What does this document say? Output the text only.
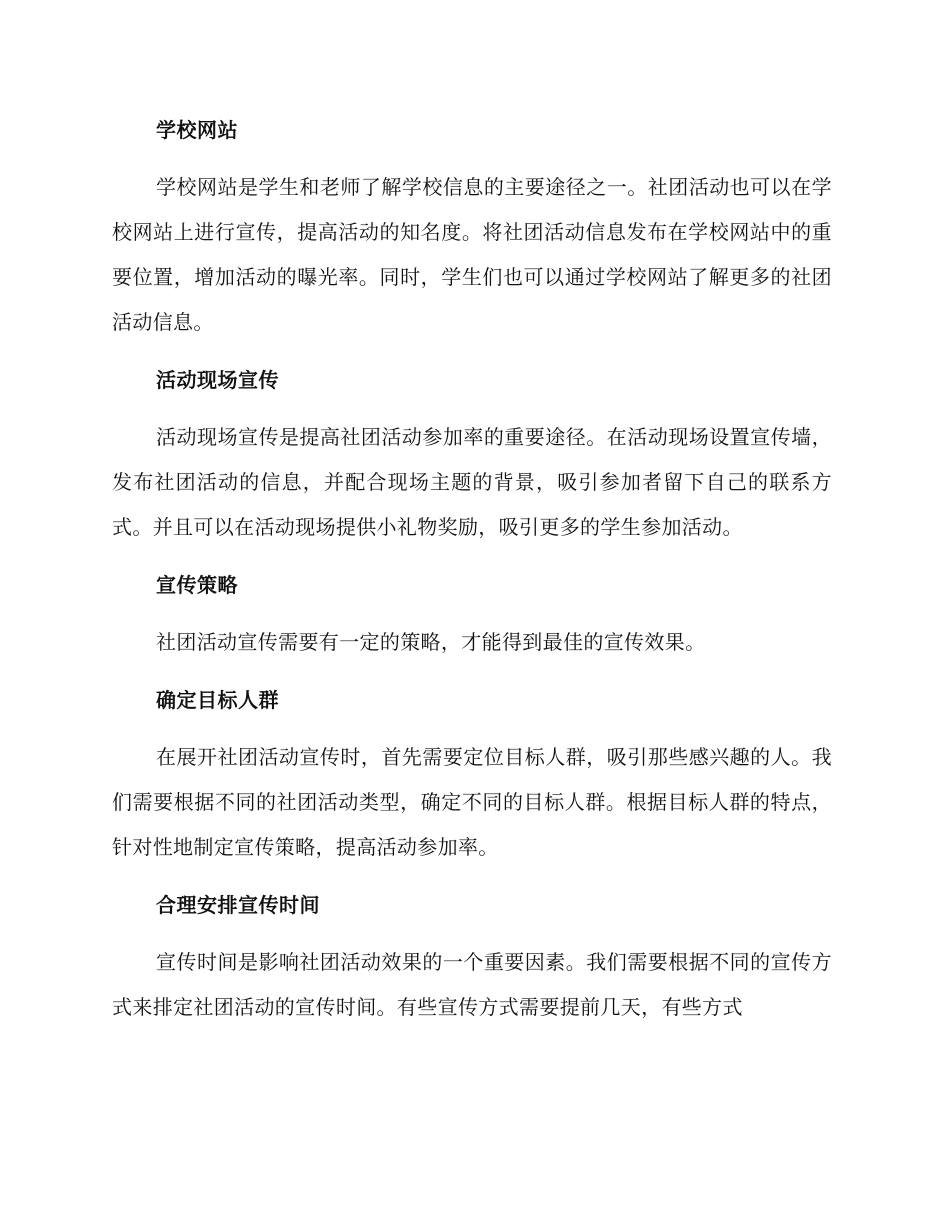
学校网站

学校网站是学生和老师了解学校信息的主要途径之一。社团活动也可以在学校网站上进行宣传，提高活动的知名度。将社团活动信息发布在学校网站中的重要位置，增加活动的曝光率。同时，学生们也可以通过学校网站了解更多的社团活动信息。

活动现场宣传

活动现场宣传是提高社团活动参加率的重要途径。在活动现场设置宣传墙，发布社团活动的信息，并配合现场主题的背景，吸引参加者留下自己的联系方式。并且可以在活动现场提供小礼物奖励，吸引更多的学生参加活动。

宣传策略

社团活动宣传需要有一定的策略，才能得到最佳的宣传效果。

确定目标人群

在展开社团活动宣传时，首先需要定位目标人群，吸引那些感兴趣的人。我们需要根据不同的社团活动类型，确定不同的目标人群。根据目标人群的特点，针对性地制定宣传策略，提高活动参加率。

合理安排宣传时间

宣传时间是影响社团活动效果的一个重要因素。我们需要根据不同的宣传方式来排定社团活动的宣传时间。有些宣传方式需要提前几天，有些方式
